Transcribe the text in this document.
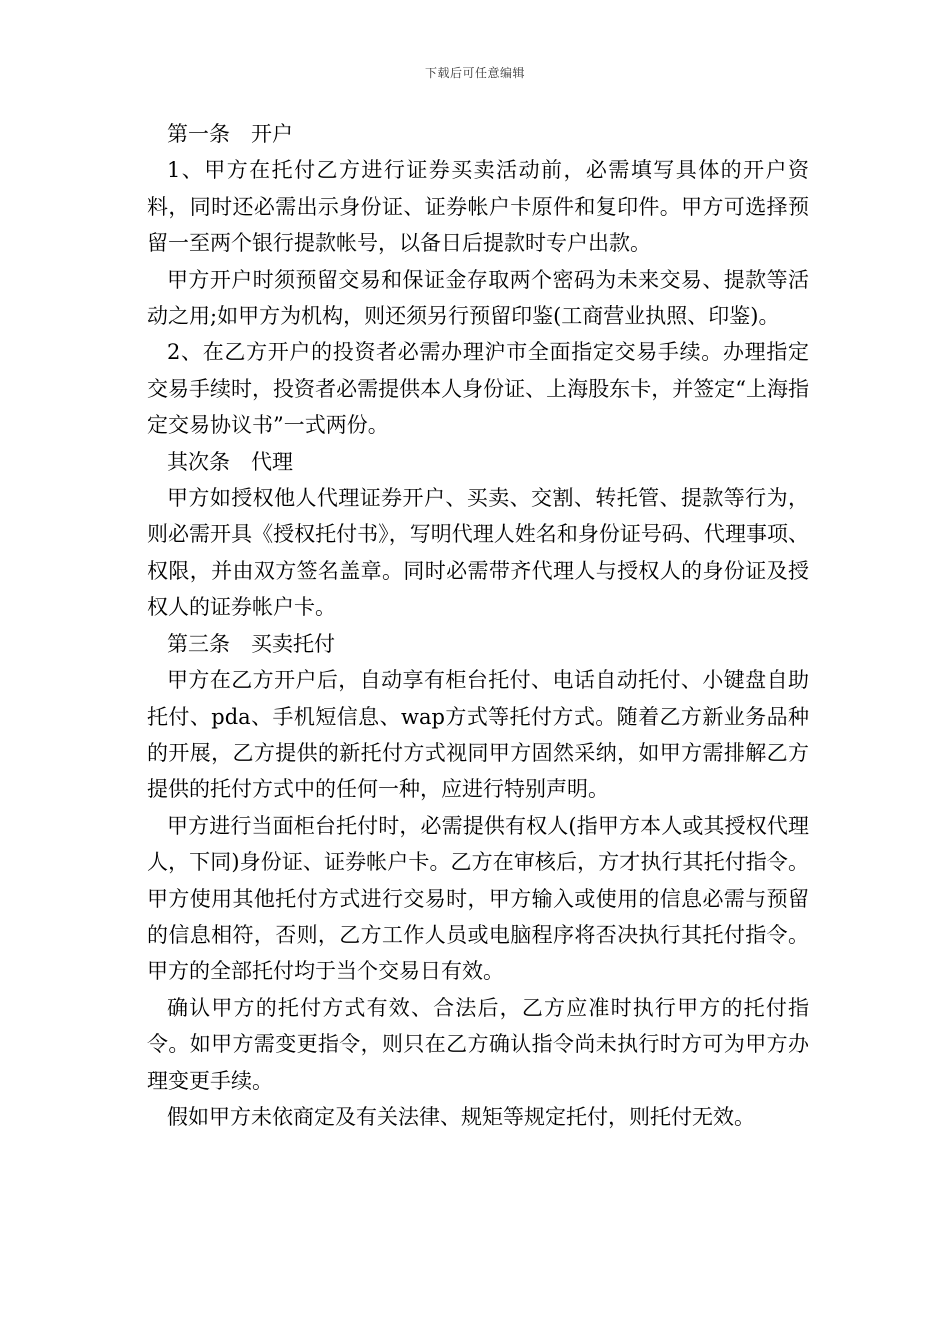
下载后可任意编辑

第一条　开户

1、甲方在托付乙方进行证券买卖活动前，必需填写具体的开户资料，同时还必需出示身份证、证券帐户卡原件和复印件。甲方可选择预留一至两个银行提款帐号，以备日后提款时专户出款。

甲方开户时须预留交易和保证金存取两个密码为未来交易、提款等活动之用;如甲方为机构，则还须另行预留印鉴(工商营业执照、印鉴)。

2、在乙方开户的投资者必需办理沪市全面指定交易手续。办理指定交易手续时，投资者必需提供本人身份证、上海股东卡，并签定“上海指定交易协议书”一式两份。

其次条　代理

甲方如授权他人代理证券开户、买卖、交割、转托管、提款等行为，则必需开具《授权托付书》，写明代理人姓名和身份证号码、代理事项、权限，并由双方签名盖章。同时必需带齐代理人与授权人的身份证及授权人的证券帐户卡。

第三条　买卖托付

甲方在乙方开户后，自动享有柜台托付、电话自动托付、小键盘自助托付、pda、手机短信息、wap方式等托付方式。随着乙方新业务品种的开展，乙方提供的新托付方式视同甲方固然采纳，如甲方需排解乙方提供的托付方式中的任何一种，应进行特别声明。

甲方进行当面柜台托付时，必需提供有权人(指甲方本人或其授权代理人，下同)身份证、证券帐户卡。乙方在审核后，方才执行其托付指令。甲方使用其他托付方式进行交易时，甲方输入或使用的信息必需与预留的信息相符，否则，乙方工作人员或电脑程序将否决执行其托付指令。甲方的全部托付均于当个交易日有效。

确认甲方的托付方式有效、合法后，乙方应准时执行甲方的托付指令。如甲方需变更指令，则只在乙方确认指令尚未执行时方可为甲方办理变更手续。

假如甲方未依商定及有关法律、规矩等规定托付，则托付无效。
